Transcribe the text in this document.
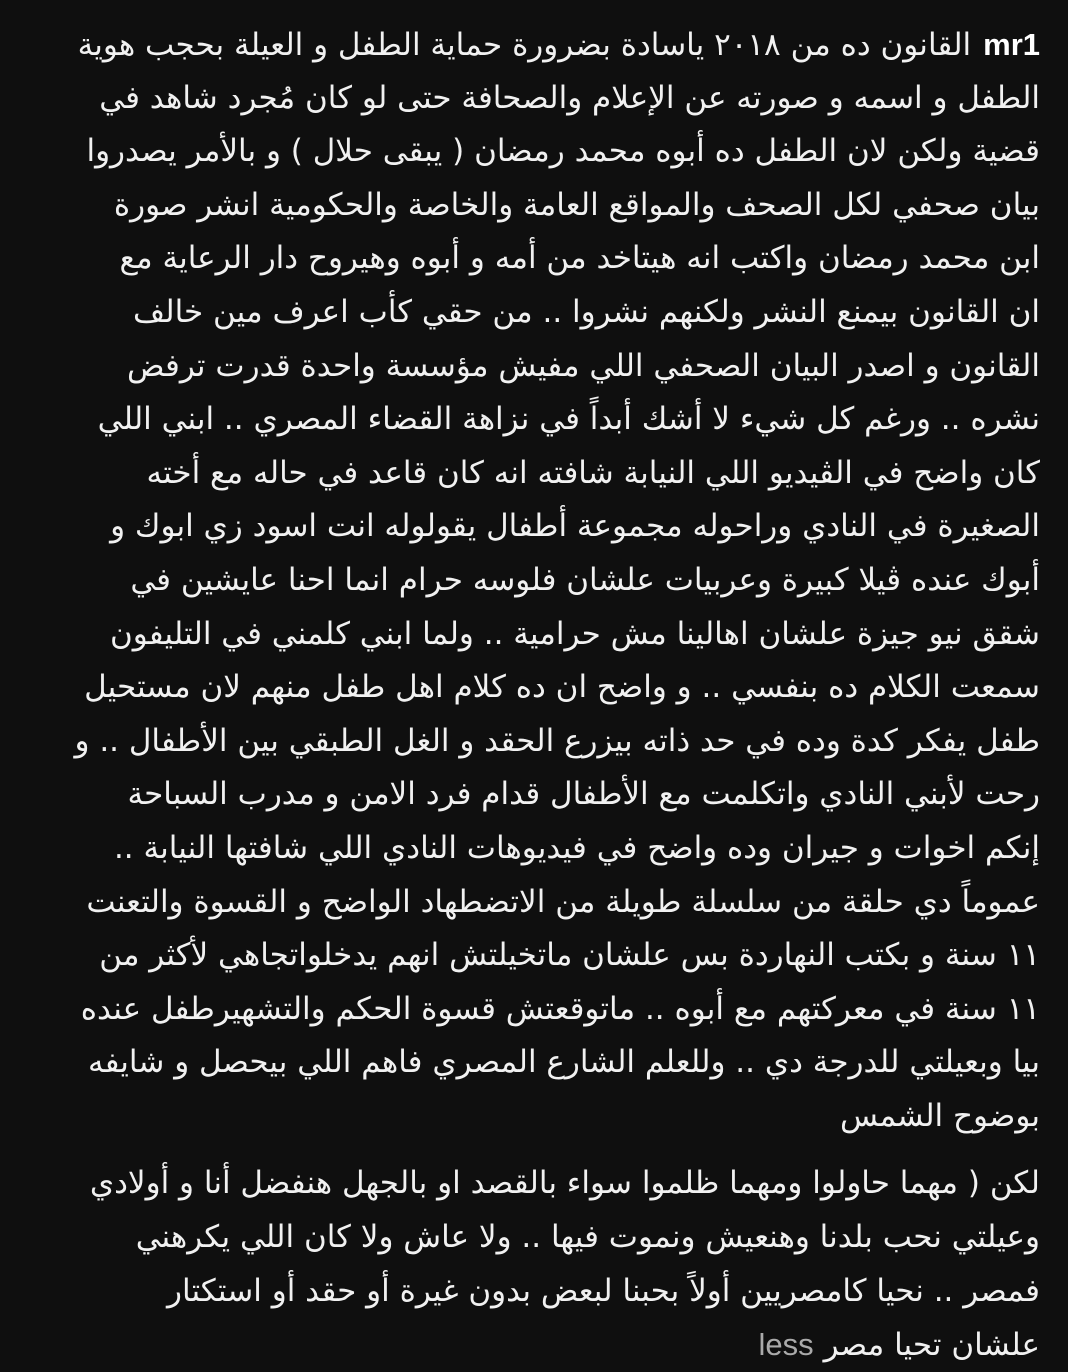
mr1القانون ده من ٢٠١٨ ياسادة بضرورة حماية الطفل و العيلة بحجب هوية
الطفل و اسمه و صورته عن الإعلام والصحافة حتى لو كان مُجرد شاهد في
قضية ولكن لان الطفل ده أبوه محمد رمضان ( يبقى حلال ) و بالأمر يصدروا
بيان صحفي لكل الصحف والمواقع العامة والخاصة والحكومية انشر صورة
ابن محمد رمضان واكتب انه هيتاخد من أمه و أبوه وهيروح دار الرعاية مع
ان القانون بيمنع النشر ولكنهم نشروا .. من حقي كأب اعرف مين خالف
القانون و اصدر البيان الصحفي اللي مفيش مؤسسة واحدة قدرت ترفض
نشره .. ورغم كل شيء لا أشك أبداً في نزاهة القضاء المصري .. ابني اللي
كان واضح في الڤيديو اللي النيابة شافته انه كان قاعد في حاله مع أخته
الصغيرة في النادي وراحوله مجموعة أطفال يقولوله انت اسود زي ابوك و
أبوك عنده ڤيلا كبيرة وعربيات علشان فلوسه حرام انما احنا عايشين في
شقق نيو جيزة علشان اهالينا مش حرامية .. ولما ابني كلمني في التليفون
سمعت الكلام ده بنفسي .. و واضح ان ده كلام اهل طفل منهم لان مستحيل
طفل يفكر كدة وده في حد ذاته بيزرع الحقد و الغل الطبقي بين الأطفال .. و
رحت لأبني النادي واتكلمت مع الأطفال قدام فرد الامن و مدرب السباحة
إنكم اخوات و جيران وده واضح في فيديوهات النادي اللي شافتها النيابة ..
عموماً دي حلقة من سلسلة طويلة من الاتضطهاد الواضح و القسوة والتعنت
١١ سنة و بكتب النهاردة بس علشان ماتخيلتش انهم يدخلواتجاهي لأكثر من
١١ سنة في معركتهم مع أبوه .. ماتوقعتش قسوة الحكم والتشهيرطفل عنده
بيا وبعيلتي للدرجة دي .. وللعلم الشارع المصري فاهم اللي بيحصل و شايفه
بوضوح الشمس
لكن ( مهما حاولوا ومهما ظلموا سواء بالقصد او بالجهل هنفضل أنا و أولادي
وعيلتي نحب بلدنا وهنعيش ونموت فيها .. ولا عاش ولا كان اللي يكرهني
فمصر .. نحيا كامصريين أولاً بحبنا لبعض بدون غيرة أو حقد أو استكتار
علشان تحيا مصرless
